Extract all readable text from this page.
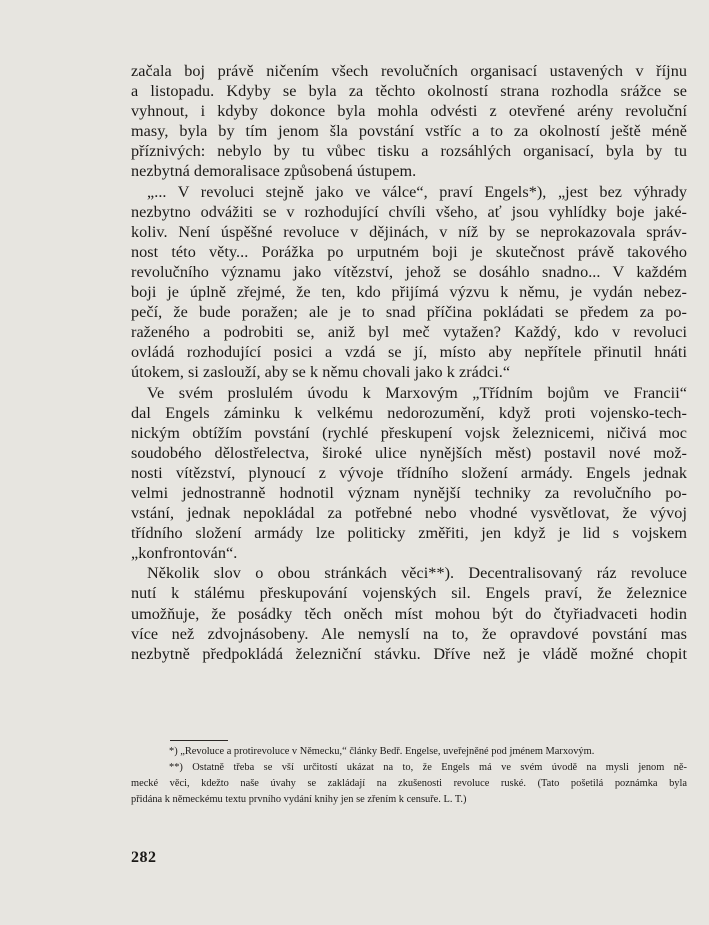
začala boj právě ničením všech revolučních organisací ustavených v říjnu
a listopadu. Kdyby se byla za těchto okolností strana rozhodla srážce se
vyhnout, i kdyby dokonce byla mohla odvésti z otevřené arény revoluční
masy, byla by tím jenom šla povstání vstříc a to za okolností ještě méně
příznivých: nebylo by tu vůbec tisku a rozsáhlých organisací, byla by tu
nezbytná demoralisace způsobená ústupem.
„... V revoluci stejně jako ve válce“, praví Engels*), „jest bez výhrady
nezbytno odvážiti se v rozhodující chvíli všeho, ať jsou vyhlídky boje jaké-
koliv. Není úspěšné revoluce v dějinách, v níž by se neprokazovala správ-
nost této věty... Porážka po urputném boji je skutečnost právě takového
revolučního významu jako vítězství, jehož se dosáhlo snadno... V každém
boji je úplně zřejmé, že ten, kdo přijímá výzvu k němu, je vydán nebez-
pečí, že bude poražen; ale je to snad příčina pokládati se předem za po-
raženého a podrobiti se, aniž byl meč vytažen? Každý, kdo v revoluci
ovládá rozhodující posici a vzdá se jí, místo aby nepřítele přinutil hnáti
útokem, si zaslouží, aby se k němu chovali jako k zrádci.“
Ve svém proslulém úvodu k Marxovým „Třídním bojům ve Francii“
dal Engels záminku k velkému nedorozumění, když proti vojensko-tech-
nickým obtížím povstání (rychlé přeskupení vojsk železnicemi, ničivá moc
soudobého dělostřelectva, široké ulice nynějších měst) postavil nové mož-
nosti vítězství, plynoucí z vývoje třídního složení armády. Engels jednak
velmi jednostranně hodnotil význam nynější techniky za revolučního po-
vstání, jednak nepokládal za potřebné nebo vhodné vysvětlovat, že vývoj
třídního složení armády lze politicky změřiti, jen když je lid s vojskem
„konfrontován“.
Několik slov o obou stránkách věci**). Decentralisovaný ráz revoluce
nutí k stálému přeskupování vojenských sil. Engels praví, že železnice
umožňuje, že posádky těch oněch míst mohou být do čtyřiadvaceti hodin
více než zdvojnásobeny. Ale nemyslí na to, že opravdové povstání mas
nezbytně předpokládá železniční stávku. Dříve než je vládě možné chopit
*) „Revoluce a protirevoluce v Německu,“ články Bedř. Engelse, uveřejněné pod jménem Marxovým.
**) Ostatně třeba se vší určitostí ukázat na to, že Engels má ve svém úvodě na mysli jenom ně-
mecké věci, kdežto naše úvahy se zakládají na zkušenosti revoluce ruské. (Tato pošetilá poznámka byla
přidána k německému textu prvního vydání knihy jen se zřením k censuře. L. T.)
282
